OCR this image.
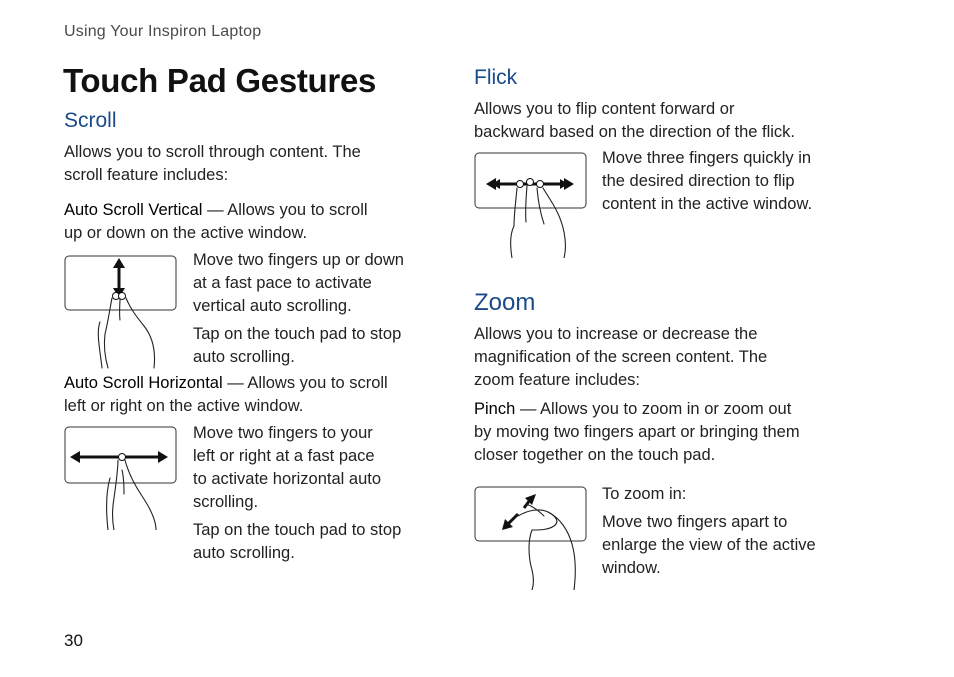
Using Your Inspiron Laptop
Touch Pad Gestures
Scroll

Allows you to scroll through content. The

scroll feature includes:

Auto Scroll Vertical — Allows you to scroll

up or down on the active window.

Move two fingers up or down

at a fast pace to activate

vertical auto scrolling.

Tap on the touch pad to stop

auto scrolling.

Auto Scroll Horizontal — Allows you to scroll

left or right on the active window.

Move two fingers to your

left or right at a fast pace

to activate horizontal auto

scrolling.

Tap on the touch pad to stop

auto scrolling.

Flick

Allows you to flip content forward or

backward based on the direction of the flick.

Move three fingers quickly in

the desired direction to flip

content in the active window.

Zoom

Allows you to increase or decrease the

magnification of the screen content. The

zoom feature includes:

Pinch — Allows you to zoom in or zoom out

by moving two fingers apart or bringing them

closer together on the touch pad.

To zoom in:

Move two fingers apart to

enlarge the view of the active

window.

30
